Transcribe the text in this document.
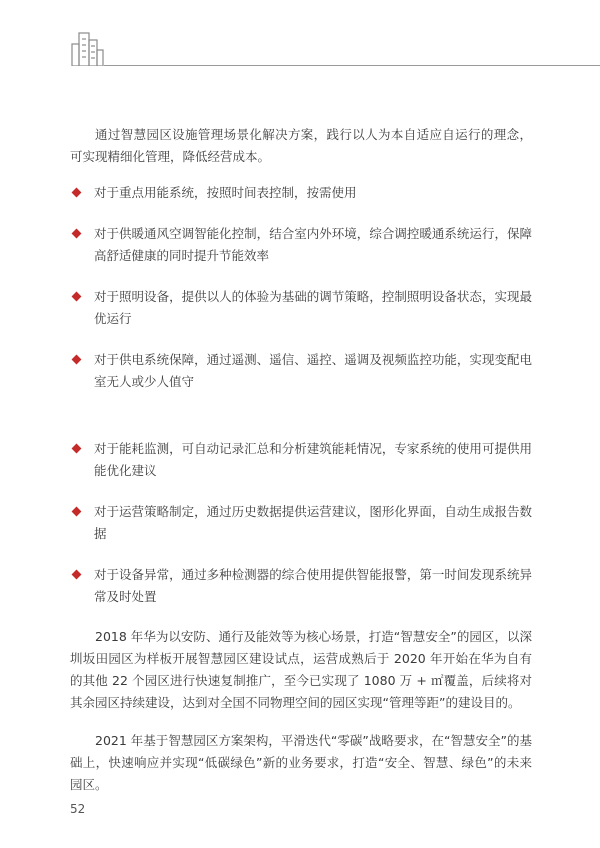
通过智慧园区设施管理场景化解决方案，践行以人为本自适应自运行的理念，可实现精细化管理，降低经营成本。

对于重点用能系统，按照时间表控制，按需使用
对于供暖通风空调智能化控制，结合室内外环境，综合调控暖通系统运行，保障高舒适健康的同时提升节能效率
对于照明设备，提供以人的体验为基础的调节策略，控制照明设备状态，实现最优运行
对于供电系统保障，通过遥测、遥信、遥控、遥调及视频监控功能，实现变配电室无人或少人值守
对于能耗监测，可自动记录汇总和分析建筑能耗情况，专家系统的使用可提供用能优化建议
对于运营策略制定，通过历史数据提供运营建议，图形化界面，自动生成报告数据
对于设备异常，通过多种检测器的综合使用提供智能报警，第一时间发现系统异常及时处置

2018 年华为以安防、通行及能效等为核心场景，打造“智慧安全”的园区，以深圳坂田园区为样板开展智慧园区建设试点，运营成熟后于 2020 年开始在华为自有的其他 22 个园区进行快速复制推广，至今已实现了 1080 万 + ㎡覆盖，后续将对其余园区持续建设，达到对全国不同物理空间的园区实现“管理等距”的建设目的。

2021 年基于智慧园区方案架构，平滑迭代“零碳”战略要求，在“智慧安全”的基础上，快速响应并实现“低碳绿色”新的业务要求，打造“安全、智慧、绿色”的未来园区。

52
